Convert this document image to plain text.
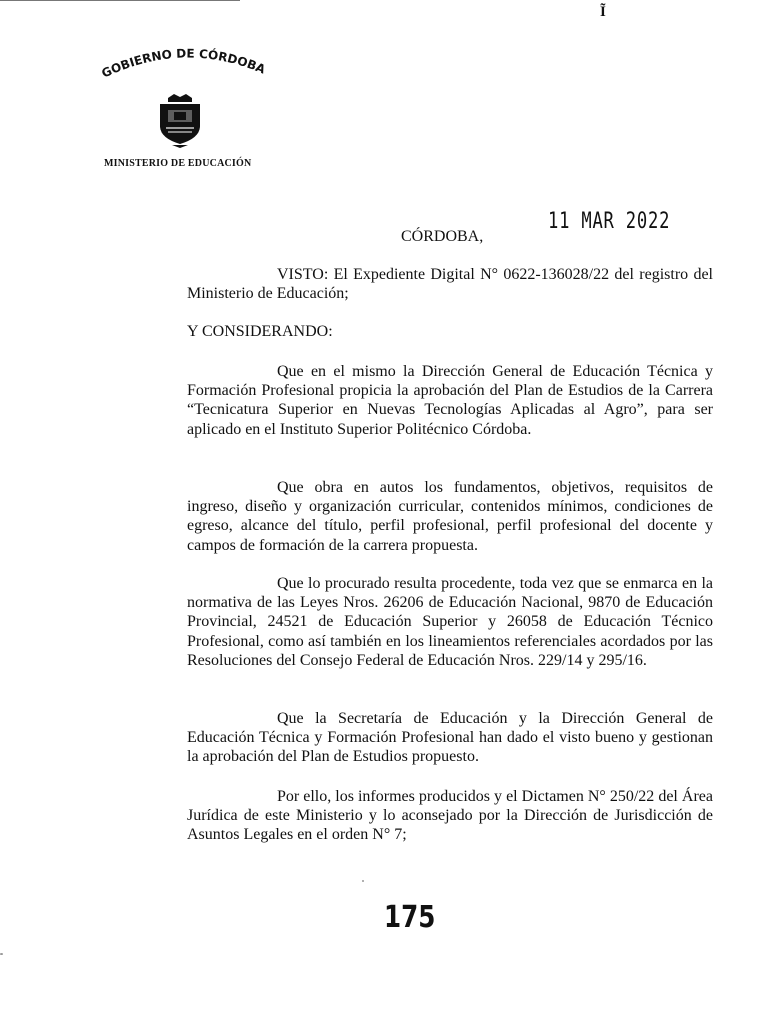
Ĩ
GOBIERNO DE CÓRDOBA
MINISTERIO DE EDUCACIÓN
CÓRDOBA,
11 MAR 2022

VISTO: El Expediente Digital N° 0622-136028/22 del registro del Ministerio de Educación;

Y CONSIDERANDO:

Que en el mismo la Dirección General de Educación Técnica y Formación Profesional propicia la aprobación del Plan de Estudios de la Carrera “Tecnicatura Superior en Nuevas Tecnologías Aplicadas al Agro”, para ser aplicado en el Instituto Superior Politécnico Córdoba.

Que obra en autos los fundamentos, objetivos, requisitos de ingreso, diseño y organización curricular, contenidos mínimos, condiciones de egreso, alcance del título, perfil profesional, perfil profesional del docente y campos de formación de la carrera propuesta.

Que lo procurado resulta procedente, toda vez que se enmarca en la normativa de las Leyes Nros. 26206 de Educación Nacional, 9870 de Educación Provincial, 24521 de Educación Superior y 26058 de Educación Técnico Profesional, como así también en los lineamientos referenciales acordados por las Resoluciones del Consejo Federal de Educación Nros. 229/14 y 295/16.

Que la Secretaría de Educación y la Dirección General de Educación Técnica y Formación Profesional han dado el visto bueno y gestionan la aprobación del Plan de Estudios propuesto.

Por ello, los informes producidos y el Dictamen N° 250/22 del Área Jurídica de este Ministerio y lo aconsejado por la Dirección de Jurisdicción de Asuntos Legales en el orden N° 7;

175
